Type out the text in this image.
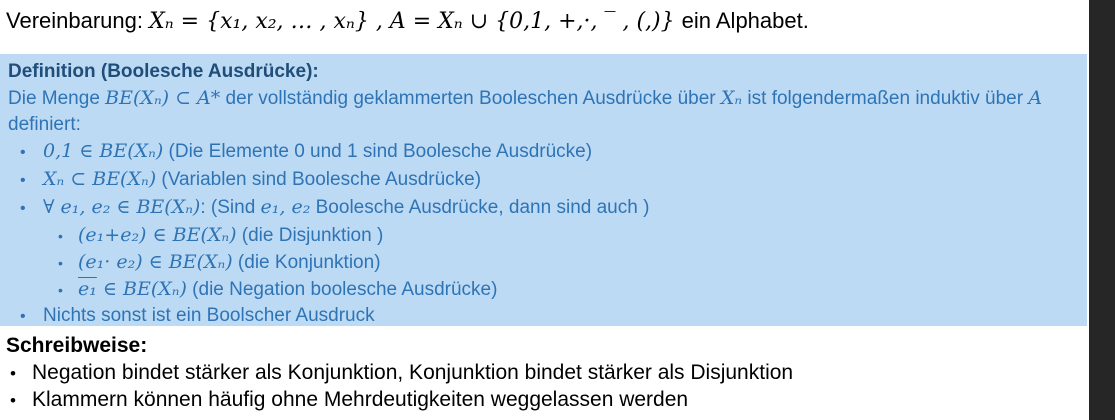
Vereinbarung: Xₙ = {x₁, x₂, … , xₙ} , A = Xₙ ∪ {0,1, +,·, ‾ , (,)} ein Alphabet.
Definition (Boolesche Ausdrücke):
Die Menge BE(Xₙ) ⊂ A* der vollständig geklammerten Booleschen Ausdrücke über Xₙ ist folgendermaßen induktiv über A definiert:
• 0,1 ∈ BE(Xₙ) (Die Elemente 0 und 1 sind Boolesche Ausdrücke)
• Xₙ ⊂ BE(Xₙ) (Variablen sind Boolesche Ausdrücke)
• ∀ e₁, e₂ ∈ BE(Xₙ): (Sind e₁, e₂ Boolesche Ausdrücke, dann sind auch )
• (e₁+e₂) ∈ BE(Xₙ) (die Disjunktion )
• (e₁· e₂) ∈ BE(Xₙ) (die Konjunktion)
• e₁ ∈ BE(Xₙ) (die Negation boolesche Ausdrücke)
• Nichts sonst ist ein Boolscher Ausdruck
Schreibweise:
• Negation bindet stärker als Konjunktion, Konjunktion bindet stärker als Disjunktion
• Klammern können häufig ohne Mehrdeutigkeiten weggelassen werden
